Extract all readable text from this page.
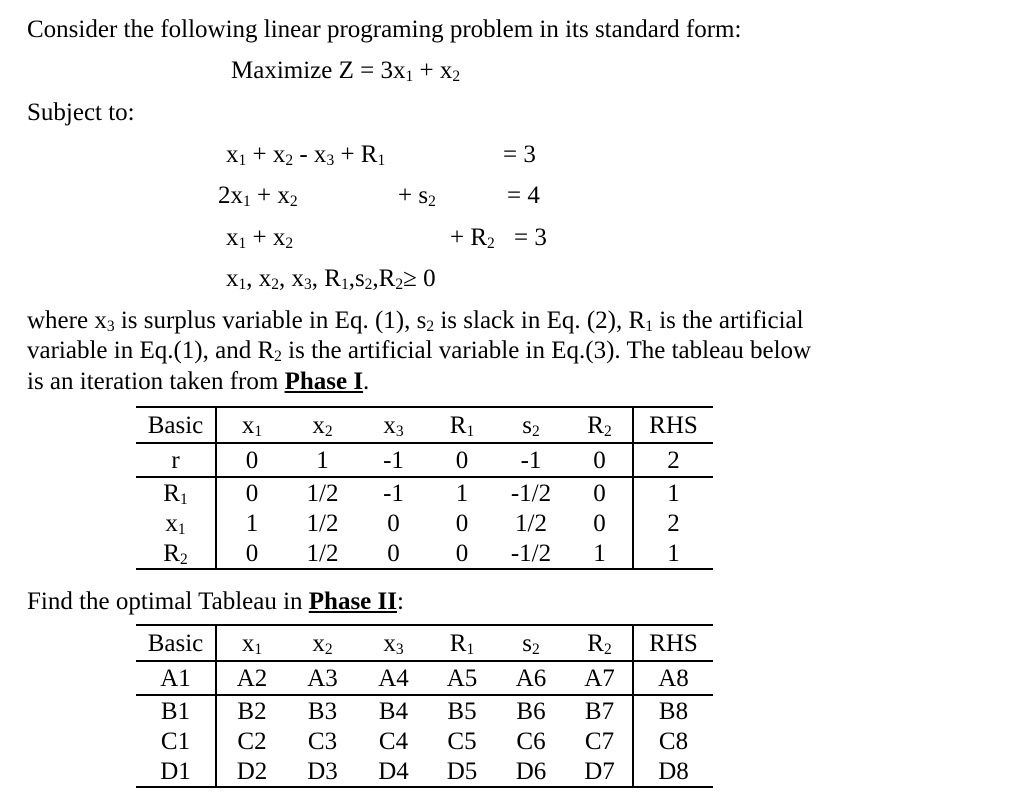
Consider the following linear programing problem in its standard form:
Maximize $Z = 3x_1 + x_2$
Subject to:
$x_1 + x_2 - x_3 + R_1$	= 3
$2x_1 + x_2$	+ $s_2$	= 4
$x_1 + x_2$	+ $R_2 = 3$
$x_1$, $x_2$, $x_3$, $R_1,s_2,R_2\ge 0$
where $x_3$ is surplus variable in Eq. (1), $s_2$ is slack in Eq. (2), $R_1$ is the artificial
variable in Eq.(1), and $R_2$ is the artificial variable in Eq.(3). The tableau below
is an iteration taken from Phase I.
Basic	$x_1$	$x_2$	$x_3$	$R_1$	$s_2$	$R_2$	RHS
r	0	1	-1	0	-1	0	2
$R_1$	0	1/2	-1	1	-1/2	0	1
$x_1$	1	1/2	0	0	1/2	0	2
$R_2$	0	1/2	0	0	-1/2	1	1
Find the optimal Tableau in Phase II:
Basic	$x_1$	$x_2$	$x_3$	$R_1$	$s_2$	$R_2$	RHS
A1	A2	A3	A4	A5	A6	A7	A8
B1	B2	B3	B4	B5	B6	B7	B8
C1	C2	C3	C4	C5	C6	C7	C8
D1	D2	D3	D4	D5	D6	D7	D8
